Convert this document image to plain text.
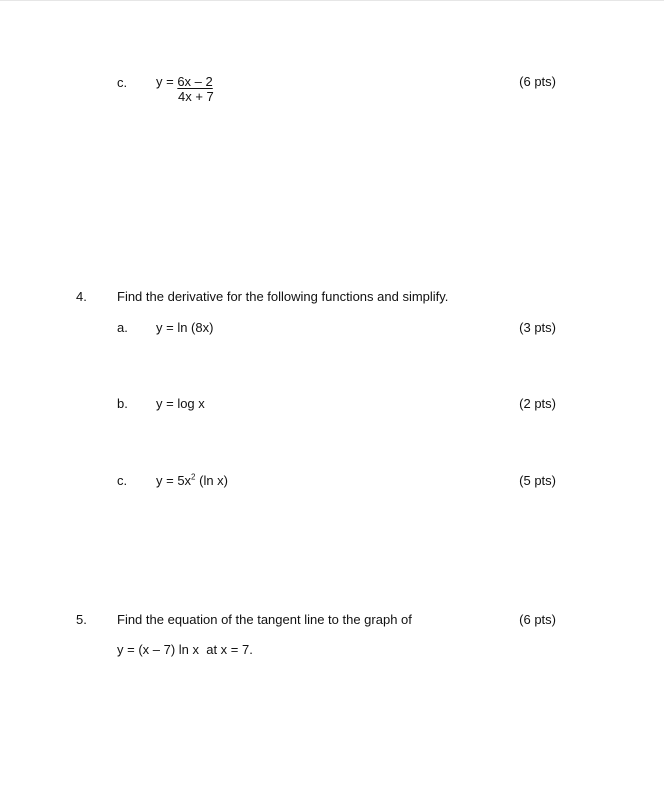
c. y = 6x – 2
4x + 7
(6 pts)
4. Find the derivative for the following functions and simplify.
a. y = ln (8x)	(3 pts)
b. y = log x	(2 pts)
c. $y = 5x^2$ (ln x)	(5 pts)
5. Find the equation of the tangent line to the graph of	(6 pts)
y = (x – 7) ln x  at x = 7.
